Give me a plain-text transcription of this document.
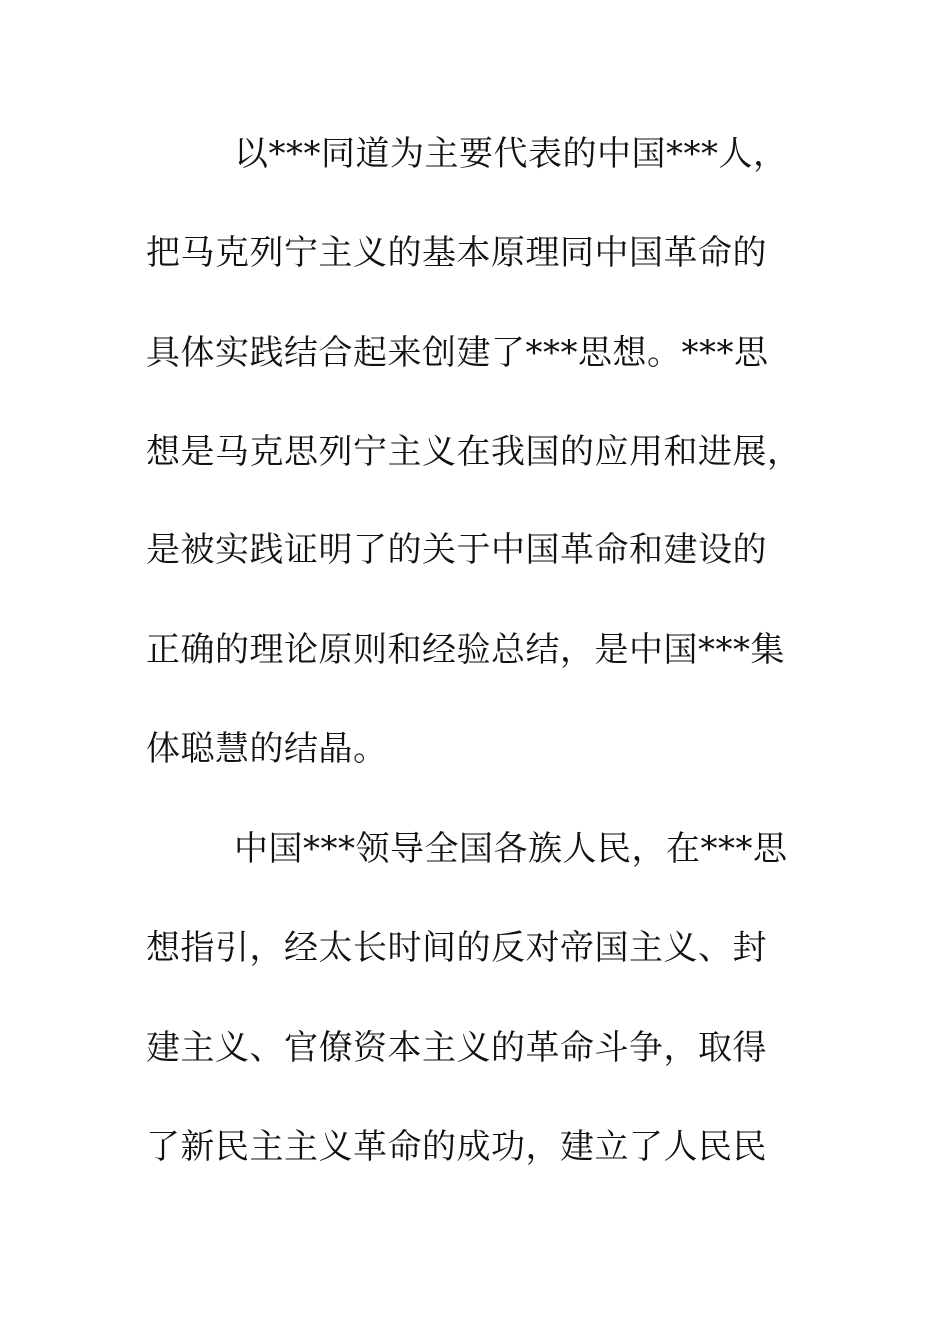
以***同道为主要代表的中国***人，
把马克列宁主义的基本原理同中国革命的
具体实践结合起来创建了***思想。***思
想是马克思列宁主义在我国的应用和进展，
是被实践证明了的关于中国革命和建设的
正确的理论原则和经验总结，是中国***集
体聪慧的结晶。
中国***领导全国各族人民，在***思
想指引，经太长时间的反对帝国主义、封
建主义、官僚资本主义的革命斗争，取得
了新民主主义革命的成功，建立了人民民
